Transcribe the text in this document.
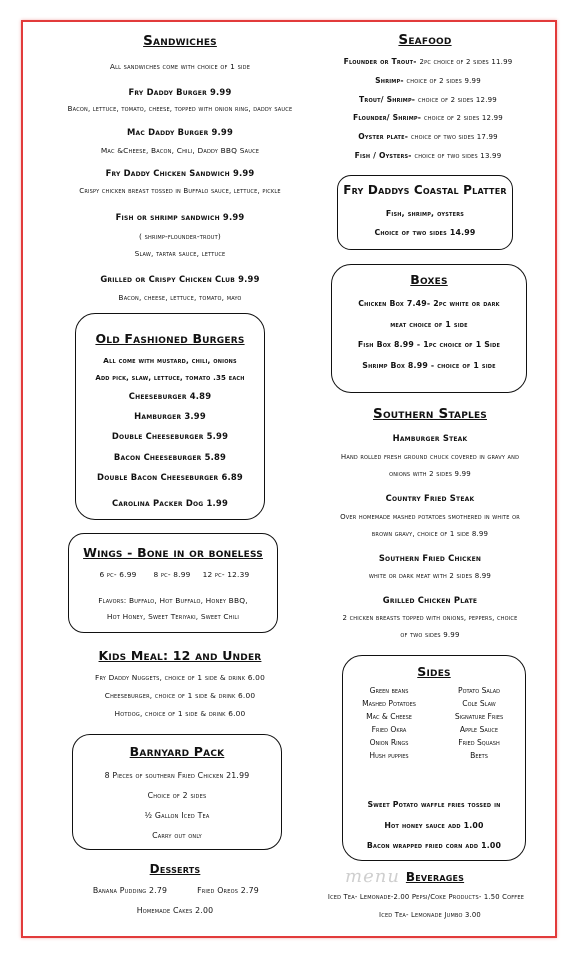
Sandwiches
All sandwiches come with choice of 1 side
Fry Daddy Burger 9.99
Bacon, lettuce, tomato, cheese, topped with onion ring, daddy sauce
Mac Daddy Burger 9.99
Mac &Cheese, Bacon, Chili, Daddy BBQ Sauce
Fry Daddy Chicken Sandwich 9.99
Crispy chicken breast tossed in Buffalo sauce, lettuce, pickle
Fish or shrimp sandwich 9.99
( shrimp-flounder-trout)
Slaw, tartar sauce, lettuce
Grilled or Crispy Chicken Club 9.99
Bacon, cheese, lettuce, tomato, mayo
Old Fashioned Burgers
All come with mustard, chili, onions
Add pick, slaw, lettuce, tomato .35 each
Cheeseburger 4.89
Hamburger 3.99
Double Cheeseburger 5.99
Bacon Cheeseburger 5.89
Double Bacon Cheeseburger 6.89
Carolina Packer Dog 1.99
Wings - Bone in or boneless
6 pc- 6.99	8 pc- 8.99	12 pc- 12.39
Flavors: Buffalo, Hot Buffalo, Honey BBQ,
Hot Honey, Sweet Teriyaki, Sweet Chili
Kids Meal: 12 and Under
Fry Daddy Nuggets, choice of 1 side & drink 6.00
Cheeseburger, choice of 1 side & drink 6.00
Hotdog, choice of 1 side & drink 6.00
Barnyard Pack
8 Pieces of southern Fried Chicken 21.99
Choice of 2 sides
½ Gallon Iced Tea
Carry out only
Desserts
Banana Pudding 2.79	Fried Oreos 2.79
Homemade Cakes 2.00
Seafood
Flounder or Trout- 2pc choice of 2 sides 11.99
Shrimp- choice of 2 sides 9.99
Trout/ Shrimp- choice of 2 sides 12.99
Flounder/ Shrimp- choice of 2 sides 12.99
Oyster plate- choice of two sides 17.99
Fish / Oysters- choice of two sides 13.99
Fry Daddys Coastal Platter
Fish, shrimp, oysters
Choice of two sides 14.99
Boxes
Chicken Box 7.49- 2pc white or dark
meat choice of 1 side
Fish Box 8.99 - 1pc choice of 1 Side
Shrimp Box 8.99 - choice of 1 side
Southern Staples
Hamburger Steak
Hand rolled fresh ground chuck covered in gravy and
onions with 2 sides 9.99
Country Fried Steak
Over homemade mashed potatoes smothered in white or
brown gravy, choice of 1 side 8.99
Southern Fried Chicken
white or dark meat with 2 sides 8.99
Grilled Chicken Plate
2 chicken breasts topped with onions, peppers, choice
of two sides 9.99
Sides
Green beans	Potato Salad
Mashed Potatoes	Cole Slaw
Mac & Cheese	Signature Fries
Fried Okra	Apple Sauce
Onion Rings	Fried Squash
Hush puppies	Beets
Sweet Potato waffle fries tossed in
Hot honey sauce add 1.00
Bacon wrapped fried corn add 1.00
Beverages
Iced Tea- Lemonade-2.00 Pepsi/Coke Products- 1.50 Coffee
Iced Tea- Lemonade Jumbo 3.00
menu
